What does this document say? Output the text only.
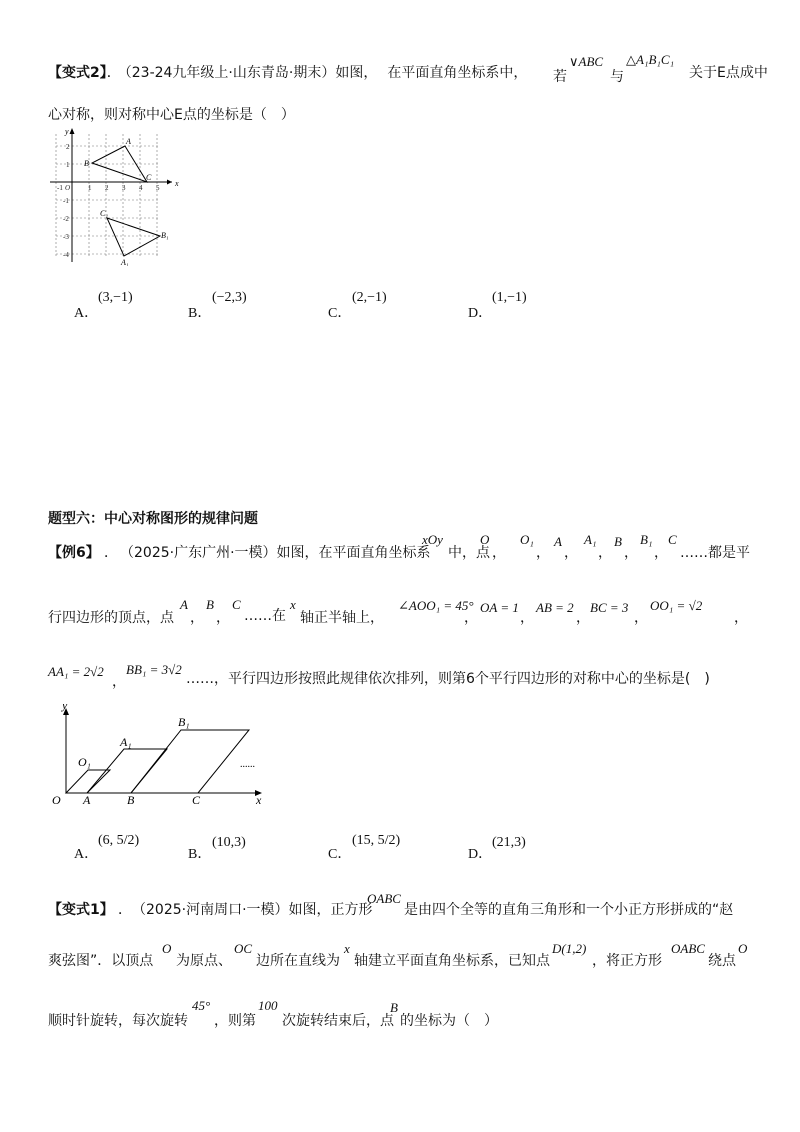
【变式2】． （23-24九年级上·山东青岛·期末）如图， 在平面直角坐标系中， 若
∨ABC
与
△A₁B₁C₁
关于E点成中
心对称，则对称中心E点的坐标是（　）
x
y
-1 O	1 2 3 4 5
2
1
-1
-2
-3
-4
A
B
C
A₁
B₁
C₁
A．
(3,−1)
B．
(−2,3)
C．
(2,−1)
D．
(1,−1)
题型六：中心对称图形的规律问题
【例6】 ． （2025·广东广州·一模）如图，在平面直角坐标系
xOy
中，点
O
，
O₁
，
A
，
A₁
，
B
，
B₁
，
C
……都是平
行四边形的顶点，点
A
，
B
，
C
……在
x
轴正半轴上，
∠AOO₁ = 45°
，
OA = 1
，
AB = 2
，
BC = 3
，
OO₁ = √2
，
AA₁ = 2√2
，
BB₁ = 3√2
……，平行四边形按照此规律依次排列，则第6个平行四边形的对称中心的坐标是(　)
y
x
O A	B	C
O₁
A₁
B₁
......
A．
(6, 5/2)
B．
(10,3)
C．
(15, 5/2)
D．
(21,3)
【变式1】 ． （2025·河南周口·一模）如图，正方形
OABC
是由四个全等的直角三角形和一个小正方形拼成的“赵
爽弦图”．以顶点
O
为原点、
OC
边所在直线为
x
轴建立平面直角坐标系，已知点
D(1,2)
，将正方形
OABC
绕点
O
顺时针旋转，每次旋转
45°
，则第
100
次旋转结束后，点
B
的坐标为（　）
